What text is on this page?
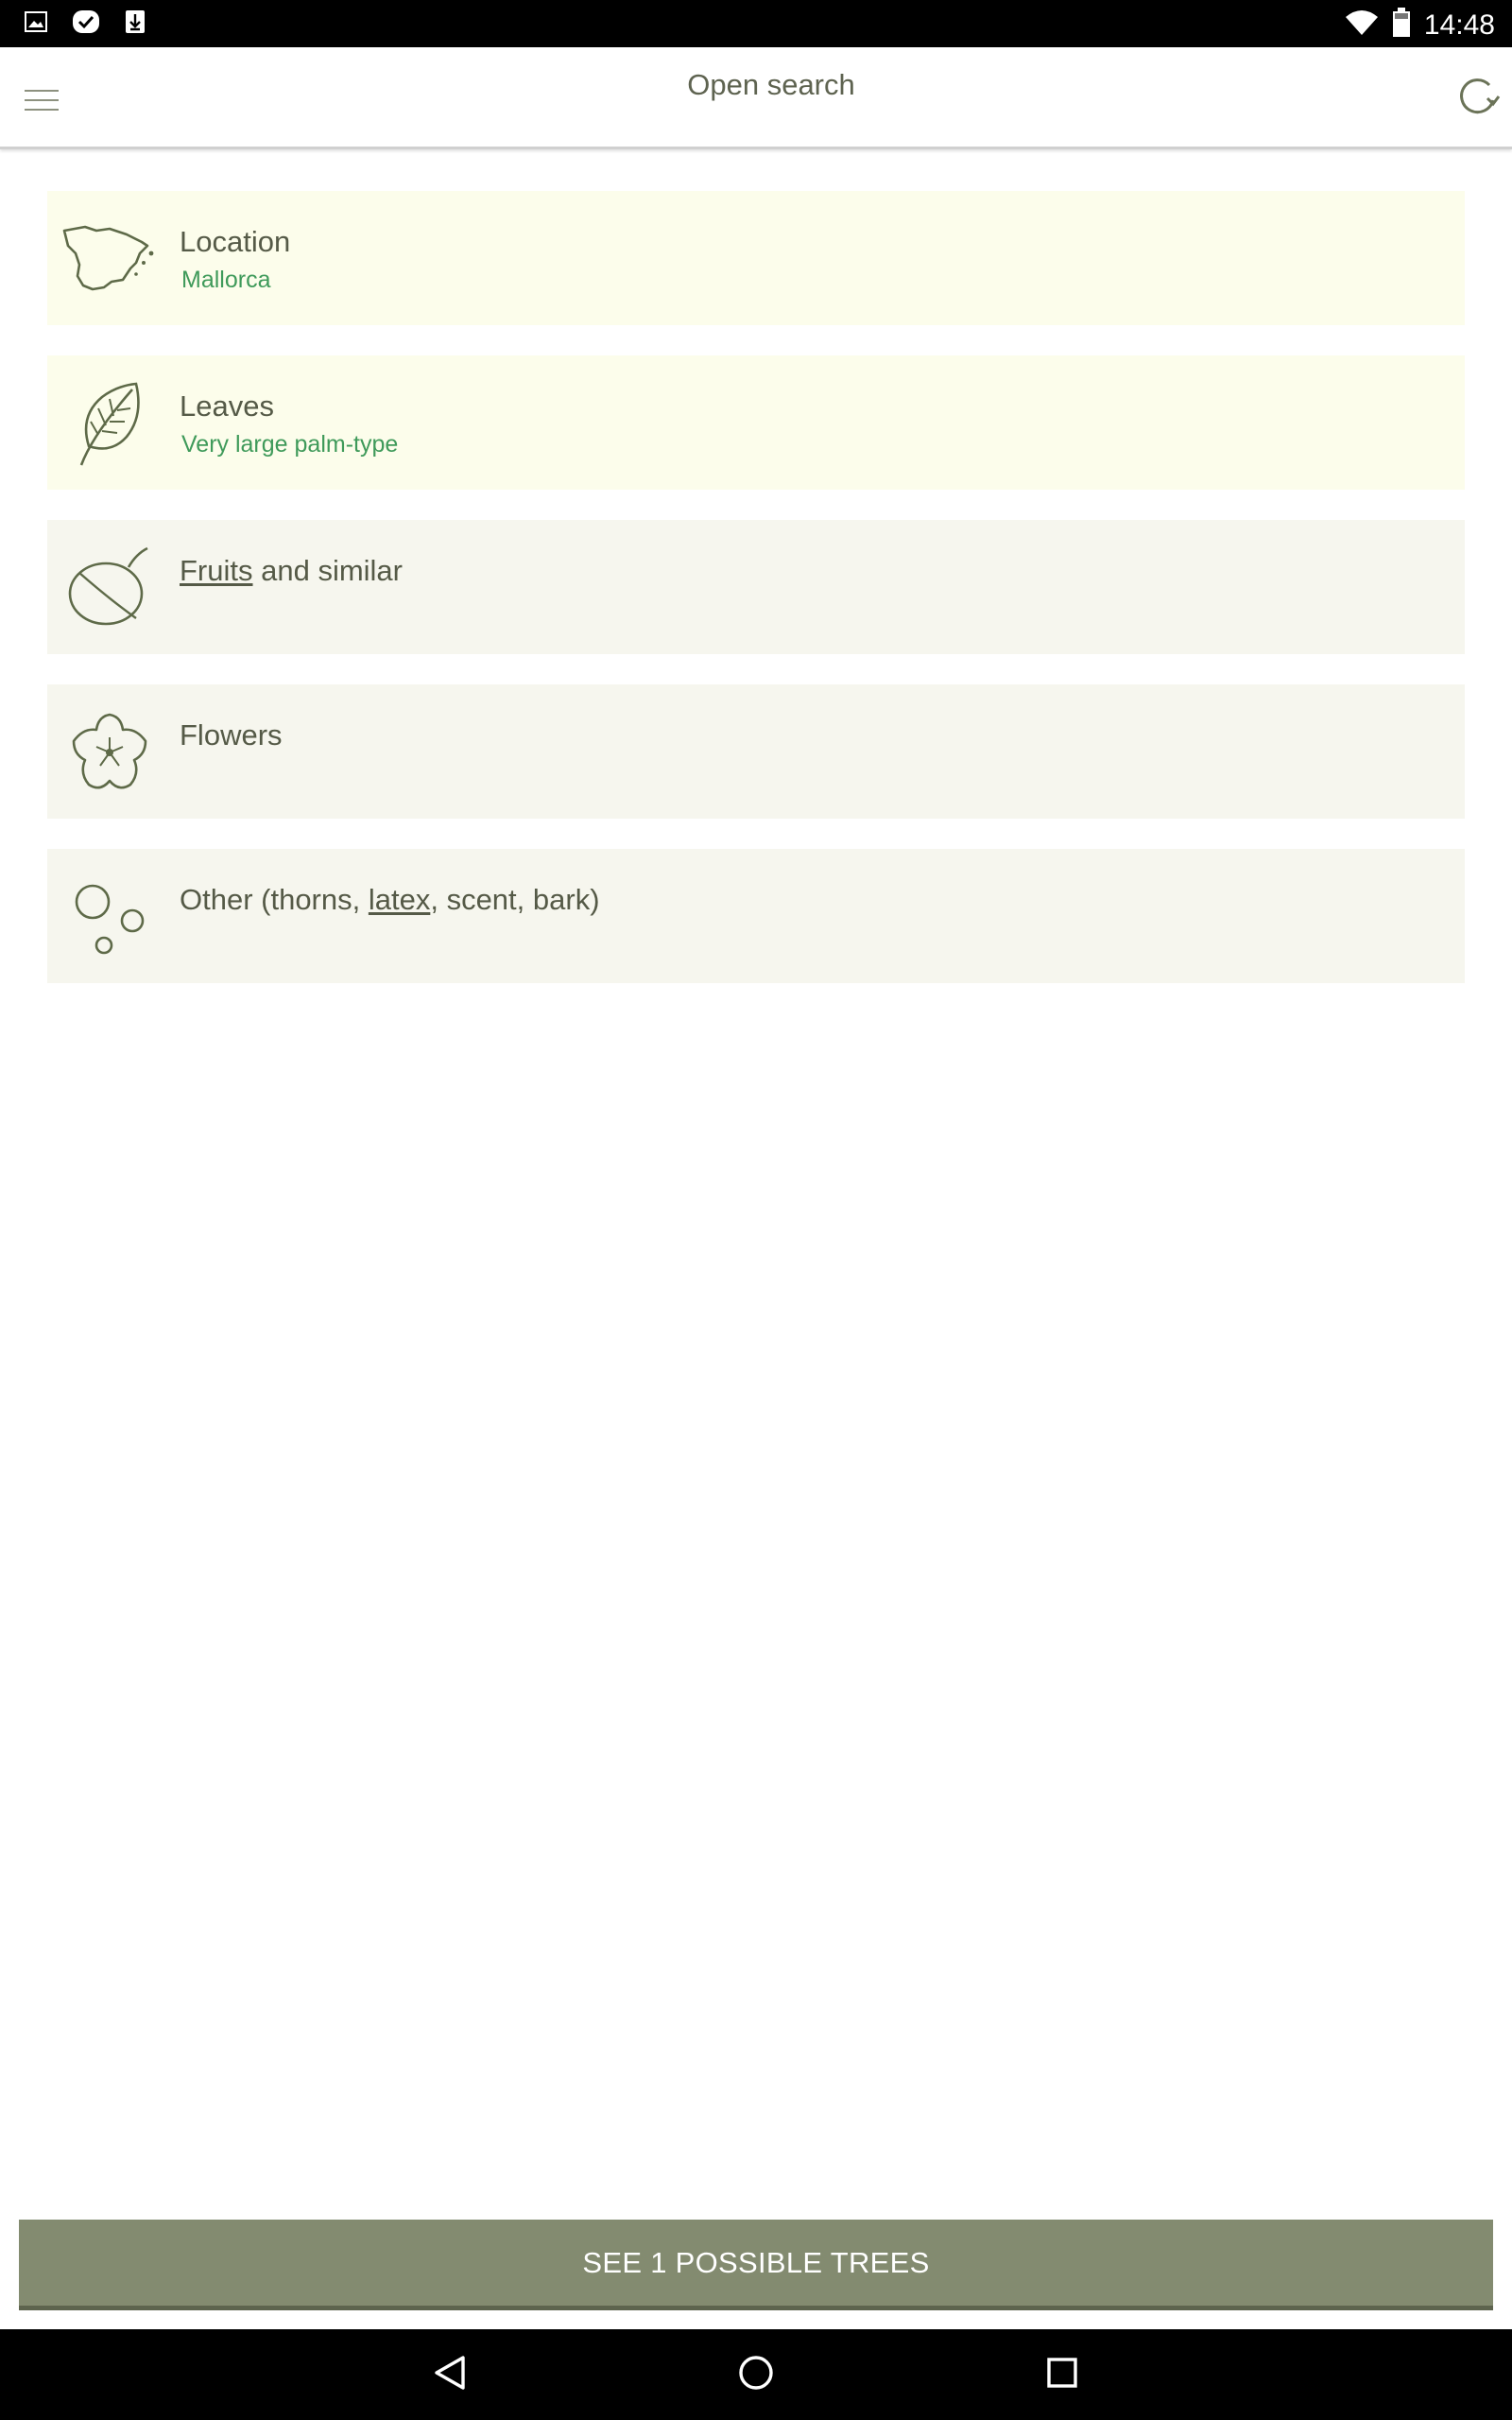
14:48
Open search
Location
Mallorca
Leaves
Very large palm-type
Fruits and similar
Flowers
Other (thorns, latex, scent, bark)
SEE 1 POSSIBLE TREES
